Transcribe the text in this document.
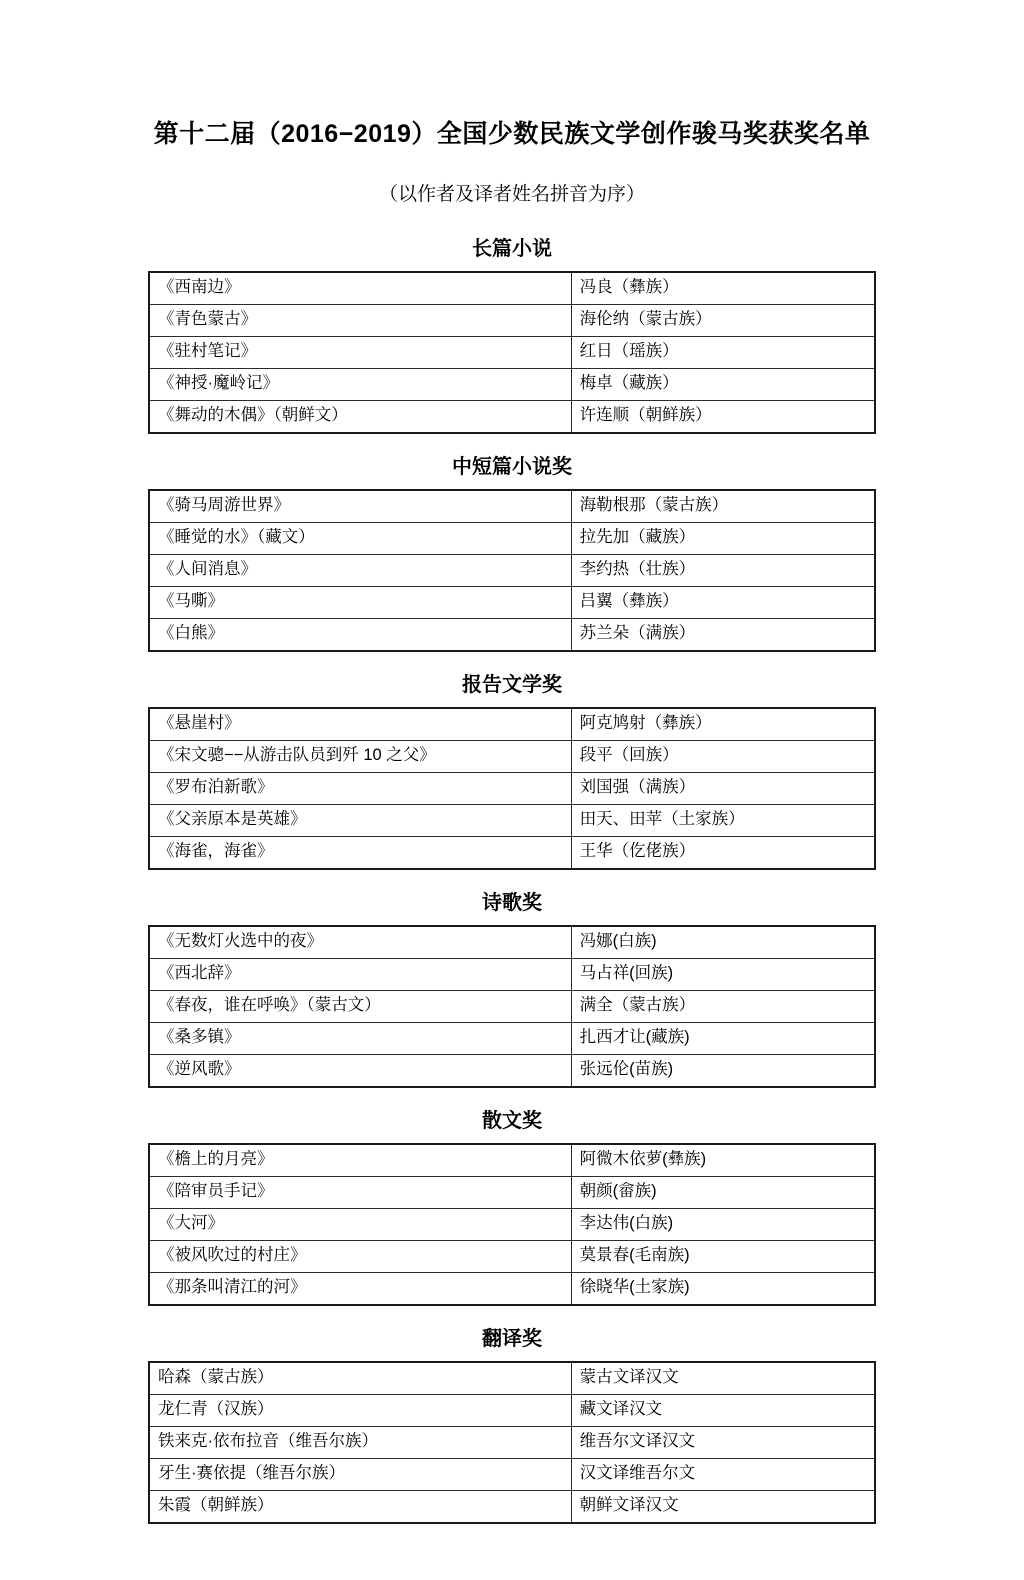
第十二届（2016−2019）全国少数民族文学创作骏马奖获奖名单
（以作者及译者姓名拼音为序）
长篇小说
《西南边》	冯良（彝族）
《青色蒙古》	海伦纳（蒙古族）
《驻村笔记》	红日（瑶族）
《神授·魔岭记》	梅卓（藏族）
《舞动的木偶》（朝鲜文）	许连顺（朝鲜族）
中短篇小说奖
《骑马周游世界》	海勒根那（蒙古族）
《睡觉的水》（藏文）	拉先加（藏族）
《人间消息》	李约热（壮族）
《马嘶》	吕翼（彝族）
《白熊》	苏兰朵（满族）
报告文学奖
《悬崖村》	阿克鸠射（彝族）
《宋文骢−−从游击队员到歼 10 之父》	段平（回族）
《罗布泊新歌》	刘国强（满族）
《父亲原本是英雄》	田天、田苹（土家族）
《海雀，海雀》	王华（仡佬族）
诗歌奖
《无数灯火选中的夜》	冯娜(白族)
《西北辞》	马占祥(回族)
《春夜，谁在呼唤》（蒙古文）	满全（蒙古族）
《桑多镇》	扎西才让(藏族)
《逆风歌》	张远伦(苗族)
散文奖
《檐上的月亮》	阿微木依萝(彝族)
《陪审员手记》	朝颜(畲族)
《大河》	李达伟(白族)
《被风吹过的村庄》	莫景春(毛南族)
《那条叫清江的河》	徐晓华(土家族)
翻译奖
哈森（蒙古族）	蒙古文译汉文
龙仁青（汉族）	藏文译汉文
铁来克·依布拉音（维吾尔族）	维吾尔文译汉文
牙生·赛依提（维吾尔族）	汉文译维吾尔文
朱霞（朝鲜族）	朝鲜文译汉文
